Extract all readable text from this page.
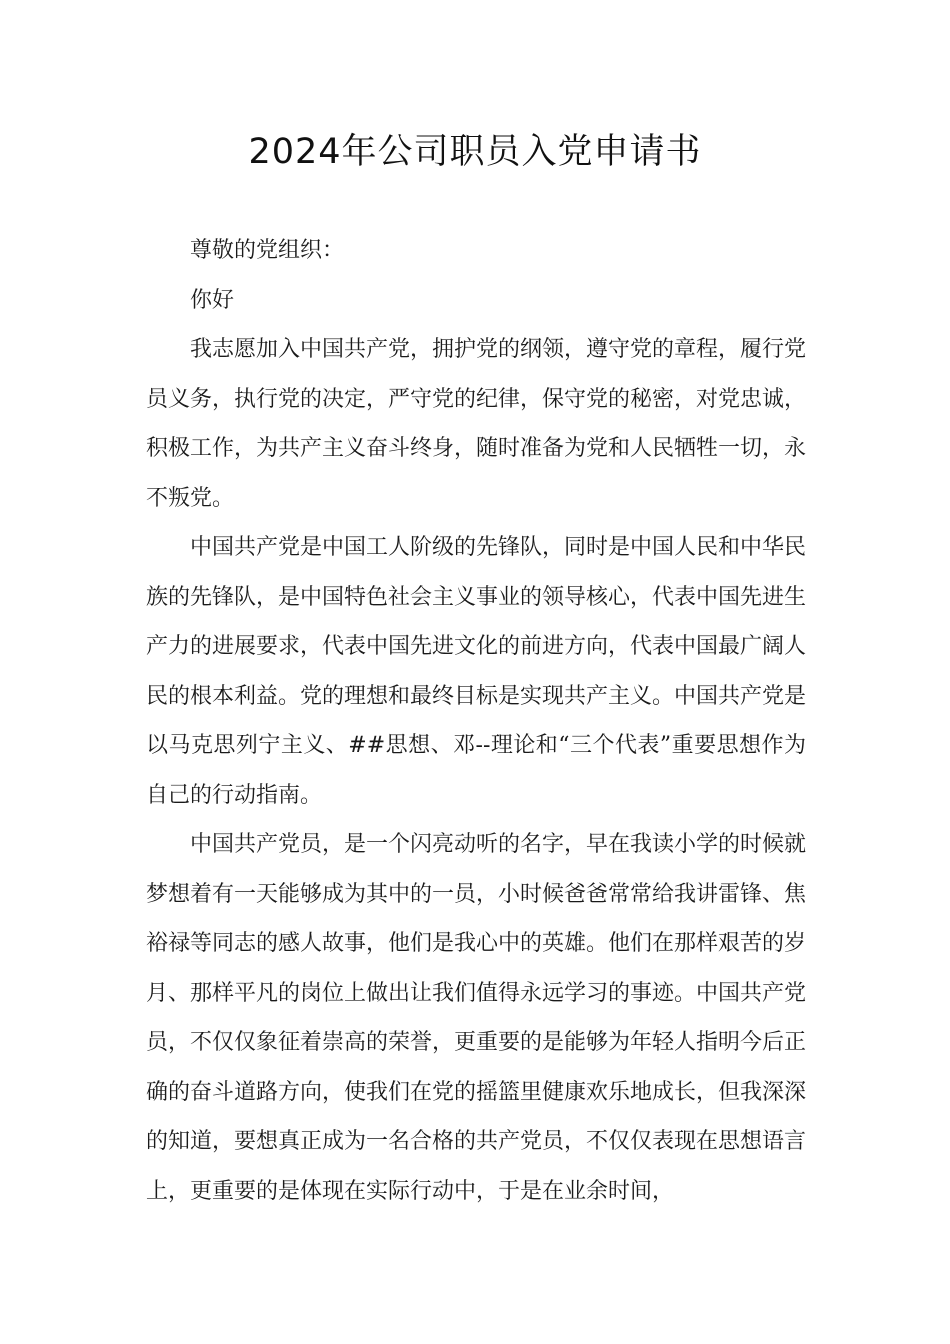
2024年公司职员入党申请书

尊敬的党组织：

你好

我志愿加入中国共产党，拥护党的纲领，遵守党的章程，履行党员义务，执行党的决定，严守党的纪律，保守党的秘密，对党忠诚，积极工作，为共产主义奋斗终身，随时准备为党和人民牺牲一切，永不叛党。

中国共产党是中国工人阶级的先锋队，同时是中国人民和中华民族的先锋队，是中国特色社会主义事业的领导核心，代表中国先进生产力的进展要求，代表中国先进文化的前进方向，代表中国最广阔人民的根本利益。党的理想和最终目标是实现共产主义。中国共产党是以马克思列宁主义、##思想、邓--理论和“三个代表”重要思想作为自己的行动指南。

中国共产党员，是一个闪亮动听的名字，早在我读小学的时候就梦想着有一天能够成为其中的一员，小时候爸爸常常给我讲雷锋、焦裕禄等同志的感人故事，他们是我心中的英雄。他们在那样艰苦的岁月、那样平凡的岗位上做出让我们值得永远学习的事迹。中国共产党员，不仅仅象征着崇高的荣誉，更重要的是能够为年轻人指明今后正确的奋斗道路方向，使我们在党的摇篮里健康欢乐地成长，但我深深的知道，要想真正成为一名合格的共产党员，不仅仅表现在思想语言上，更重要的是体现在实际行动中，于是在业余时间，
